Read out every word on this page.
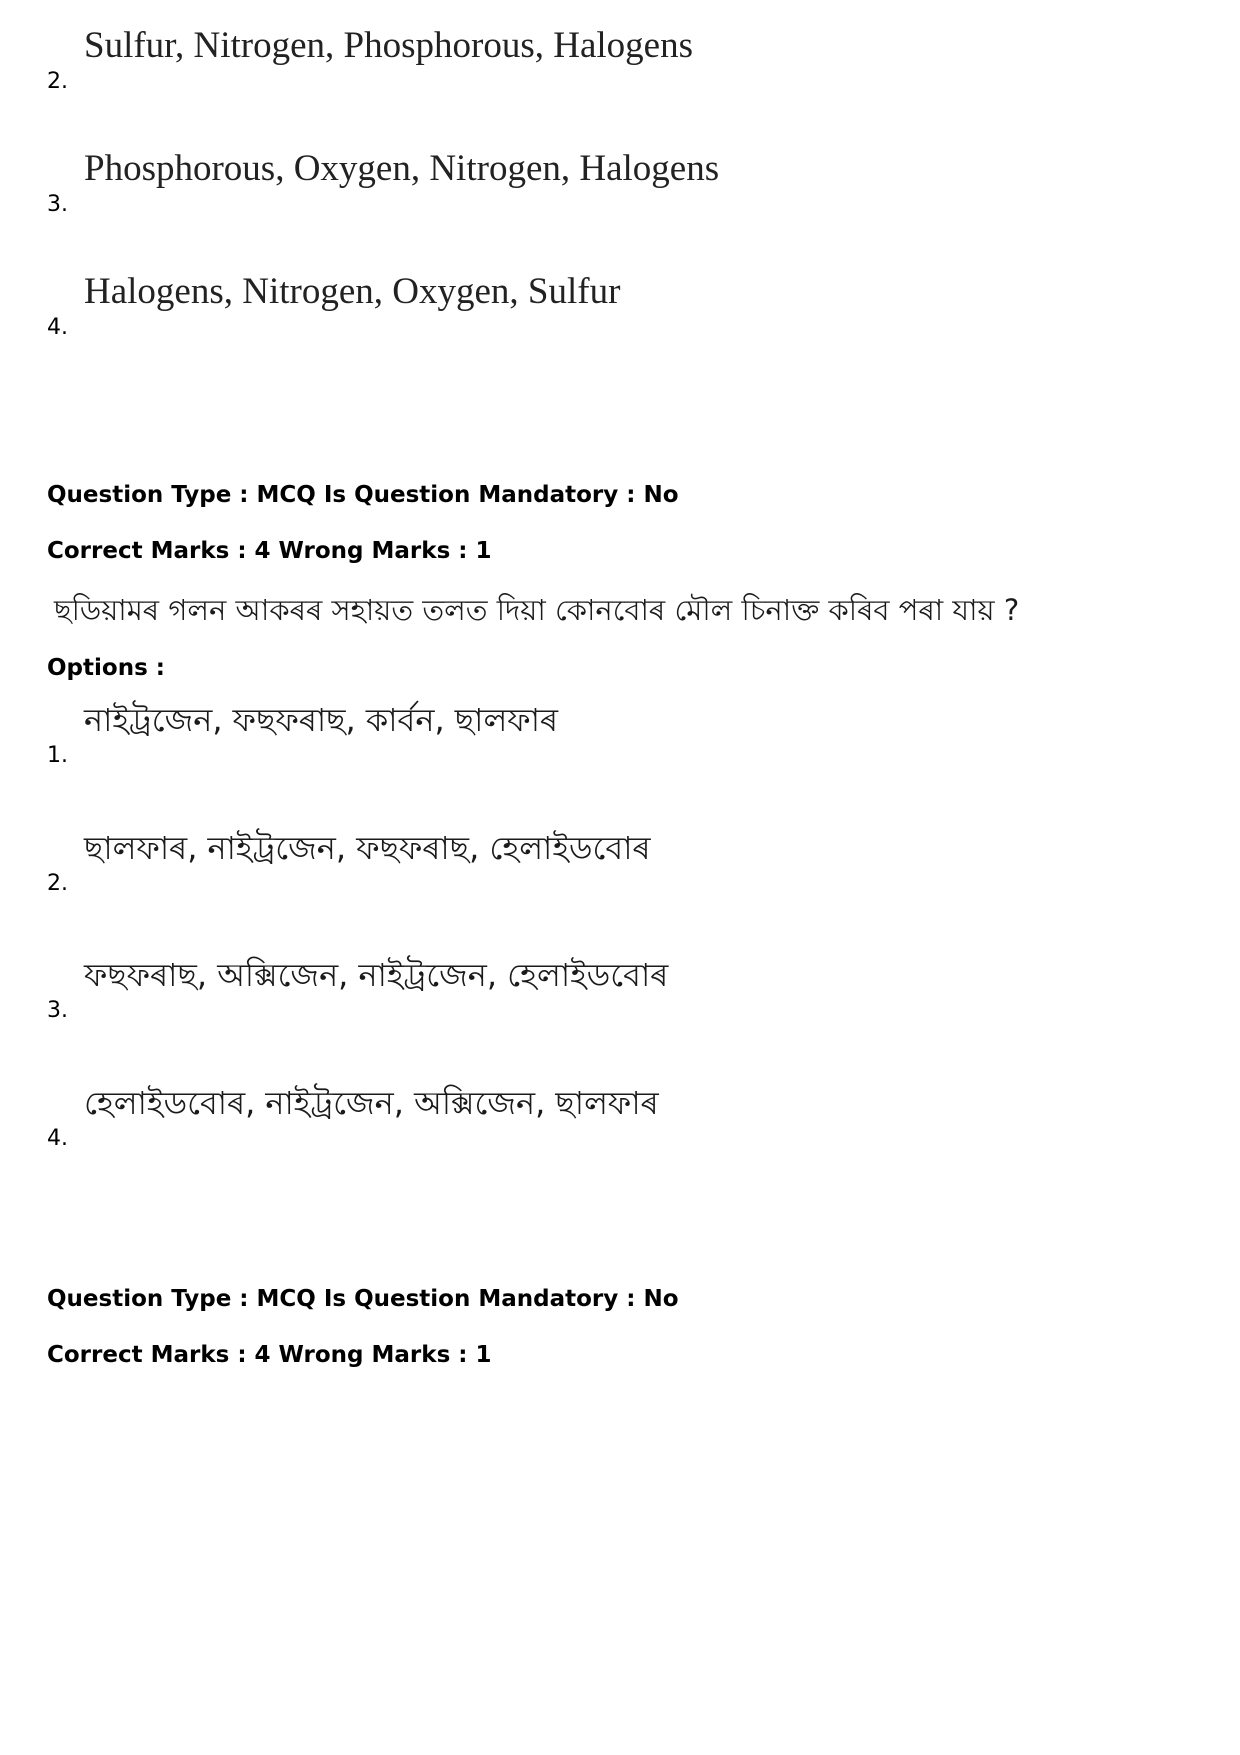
2.
Sulfur, Nitrogen, Phosphorous, Halogens
3.
Phosphorous, Oxygen, Nitrogen, Halogens
4.
Halogens, Nitrogen, Oxygen, Sulfur
Question Type : MCQ Is Question Mandatory : No
Correct Marks : 4 Wrong Marks : 1
ছডিয়ামৰ গলন আকৰৰ সহায়ত তলত দিয়া কোনবোৰ মৌল চিনাক্ত কৰিব পৰা যায় ?
Options :
1.
নাইট্ৰজেন, ফছফৰাছ, কাৰ্বন, ছালফাৰ
2.
ছালফাৰ, নাইট্ৰজেন, ফছফৰাছ, হেলাইডবোৰ
3.
ফছফৰাছ, অক্সিজেন, নাইট্ৰজেন, হেলাইডবোৰ
4.
হেলাইডবোৰ, নাইট্ৰজেন, অক্সিজেন, ছালফাৰ
Question Type : MCQ Is Question Mandatory : No
Correct Marks : 4 Wrong Marks : 1
